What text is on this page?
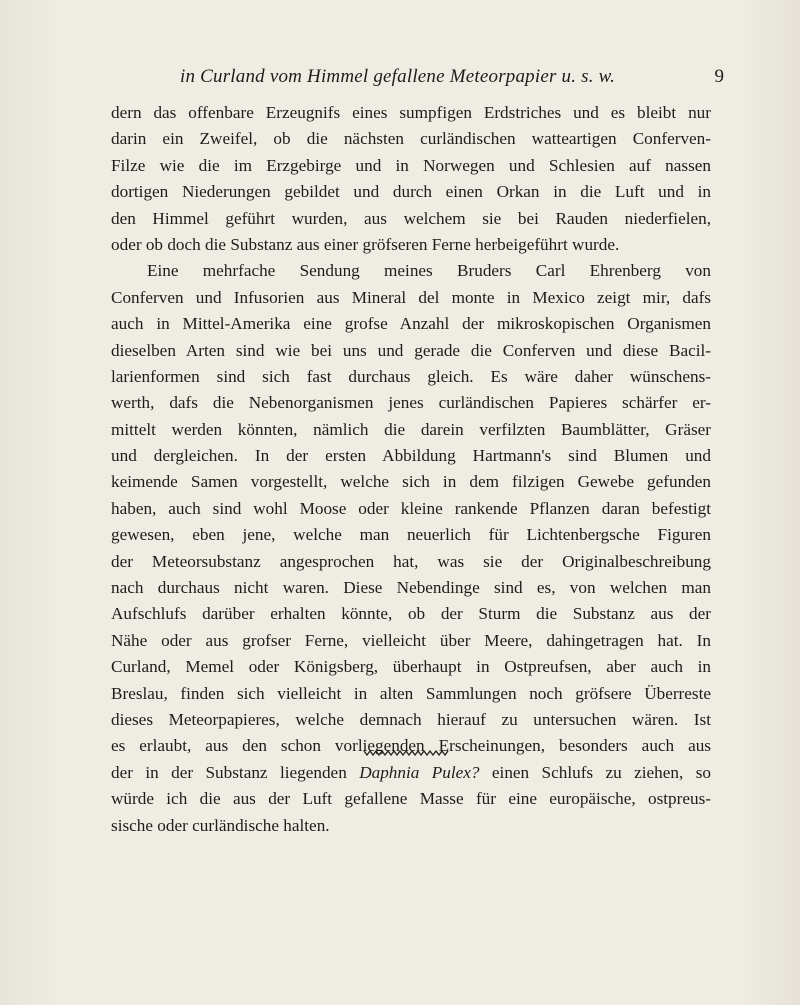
in Curland vom Himmel gefallene Meteorpapier u. s. w.	9
dern das offenbare Erzeugnifs eines sumpfigen Erdstriches und es bleibt nur
darin ein Zweifel, ob die nächsten curländischen watteartigen Conferven-
Filze wie die im Erzgebirge und in Norwegen und Schlesien auf nassen
dortigen Niederungen gebildet und durch einen Orkan in die Luft und in
den Himmel geführt wurden, aus welchem sie bei Rauden niederfielen,
oder ob doch die Substanz aus einer gröfseren Ferne herbeigeführt wurde.
Eine mehrfache Sendung meines Bruders Carl Ehrenberg von
Conferven und Infusorien aus Mineral del monte in Mexico zeigt mir, dafs
auch in Mittel-Amerika eine grofse Anzahl der mikroskopischen Organismen
dieselben Arten sind wie bei uns und gerade die Conferven und diese Bacil-
larienformen sind sich fast durchaus gleich. Es wäre daher wünschens-
werth, dafs die Nebenorganismen jenes curländischen Papieres schärfer er-
mittelt werden könnten, nämlich die darein verfilzten Baumblätter, Gräser
und dergleichen. In der ersten Abbildung Hartmann's sind Blumen und
keimende Samen vorgestellt, welche sich in dem filzigen Gewebe gefunden
haben, auch sind wohl Moose oder kleine rankende Pflanzen daran befestigt
gewesen, eben jene, welche man neuerlich für Lichtenbergsche Figuren
der Meteorsubstanz angesprochen hat, was sie der Originalbeschreibung
nach durchaus nicht waren. Diese Nebendinge sind es, von welchen man
Aufschlufs darüber erhalten könnte, ob der Sturm die Substanz aus der
Nähe oder aus grofser Ferne, vielleicht über Meere, dahingetragen hat. In
Curland, Memel oder Königsberg, überhaupt in Ostpreufsen, aber auch in
Breslau, finden sich vielleicht in alten Sammlungen noch gröfsere Überreste
dieses Meteorpapieres, welche demnach hierauf zu untersuchen wären. Ist
es erlaubt, aus den schon vorliegenden Erscheinungen, besonders auch aus
der in der Substanz liegenden Daphnia Pulex? einen Schlufs zu ziehen, so
würde ich die aus der Luft gefallene Masse für eine europäische, ostpreus-
sische oder curländische halten.
